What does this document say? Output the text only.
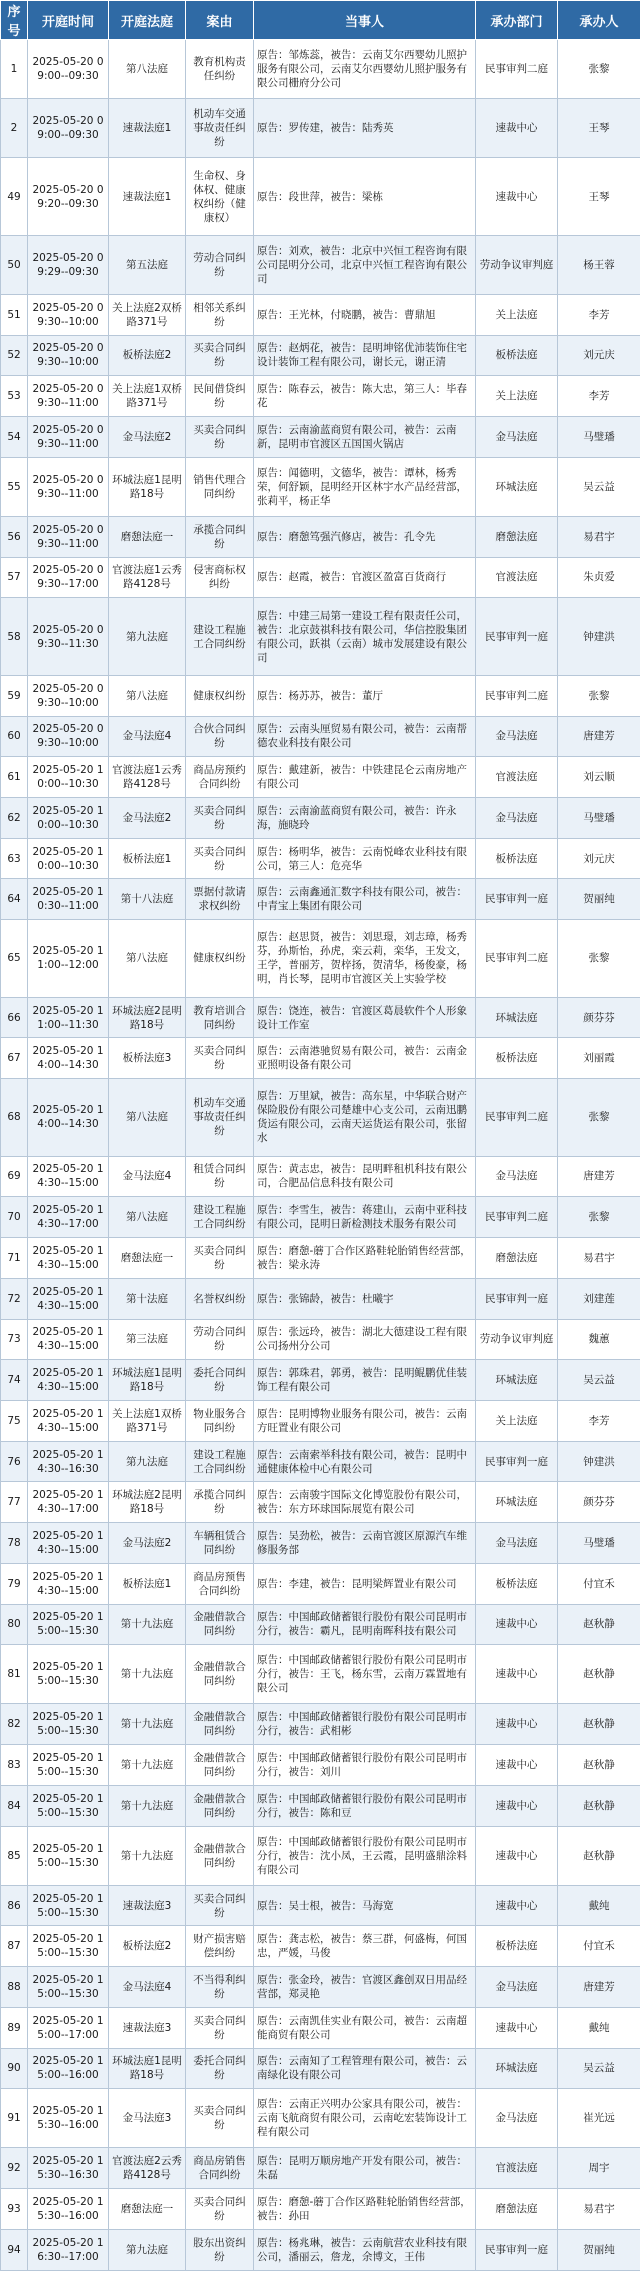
序号	开庭时间	开庭法庭	案由	当事人	承办部门	承办人
1	2025-05-20 09:00--09:30	第八法庭	教育机构责任纠纷	原告：邹炼蕊，被告：云南艾尔西婴幼儿照护服务有限公司，云南艾尔西婴幼儿照护服务有限公司栅府分公司	民事审判二庭	张黎
2	2025-05-20 09:00--09:30	速裁法庭1	机动车交通事故责任纠纷	原告：罗传建，被告：陆秀英	速裁中心	王琴
49	2025-05-20 09:20--09:30	速裁法庭1	生命权、身体权、健康权纠纷（健康权）	原告：段世萍，被告：梁栋	速裁中心	王琴
50	2025-05-20 09:29--09:30	第五法庭	劳动合同纠纷	原告：刘欢，被告：北京中兴恒工程咨询有限公司昆明分公司，北京中兴恒工程咨询有限公司	劳动争议审判庭	杨王蓉
51	2025-05-20 09:30--10:00	关上法庭2双桥路371号	相邻关系纠纷	原告：王光林，付晓鹏，被告：曹鼎旭	关上法庭	李芳
52	2025-05-20 09:30--10:00	板桥法庭2	买卖合同纠纷	原告：赵炳花，被告：昆明坤铭优沛装饰住宅设计装饰工程有限公司，谢长元，谢正清	板桥法庭	刘元庆
53	2025-05-20 09:30--11:00	关上法庭1双桥路371号	民间借贷纠纷	原告：陈春云，被告：陈大忠，第三人：毕春花	关上法庭	李芳
54	2025-05-20 09:30--11:00	金马法庭2	买卖合同纠纷	原告：云南渝蓝商贸有限公司，被告：云南新，昆明市官渡区五国国火锅店	金马法庭	马璧璠
55	2025-05-20 09:30--11:00	环城法庭1昆明路18号	销售代理合同纠纷	原告：闻德明，文德华，被告：谭林，杨秀荣，何舒颖，昆明经开区林宇水产品经营部，张莉平，杨正华	环城法庭	吴云益
56	2025-05-20 09:30--11:00	磨憩法庭一	承揽合同纠纷	原告：磨憩笃强汽修店，被告：孔令先	磨憩法庭	易君宇
57	2025-05-20 09:30--17:00	官渡法庭1云秀路4128号	侵害商标权纠纷	原告：赵霞，被告：官渡区盈富百货商行	官渡法庭	朱贞爱
58	2025-05-20 09:30--11:30	第九法庭	建设工程施工合同纠纷	原告：中建三局第一建设工程有限责任公司，被告：北京鼓祺科技有限公司，华信控股集团有限公司，跃祺（云南）城市发展建设有限公司	民事审判一庭	钟建洪
59	2025-05-20 09:30--10:00	第八法庭	健康权纠纷	原告：杨苏苏，被告：董厅	民事审判二庭	张黎
60	2025-05-20 09:30--10:00	金马法庭4	合伙合同纠纷	原告：云南头厘贸易有限公司，被告：云南帮德农业科技有限公司	金马法庭	唐建芳
61	2025-05-20 10:00--10:30	官渡法庭1云秀路4128号	商品房预约合同纠纷	原告：戴建新，被告：中铁建昆仑云南房地产有限公司	官渡法庭	刘云顺
62	2025-05-20 10:00--10:30	金马法庭2	买卖合同纠纷	原告：云南渝蓝商贸有限公司，被告：许永海，施晓玲	金马法庭	马璧璠
63	2025-05-20 10:00--10:30	板桥法庭1	买卖合同纠纷	原告：杨明华，被告：云南悦峰农业科技有限公司，第三人：危亮华	板桥法庭	刘元庆
64	2025-05-20 10:30--11:00	第十八法庭	票据付款请求权纠纷	原告：云南鑫通汇数字科技有限公司，被告：中青宝上集团有限公司	民事审判一庭	贺丽纯
65	2025-05-20 11:00--12:00	第八法庭	健康权纠纷	原告：赵思贤，被告：刘思璟，刘志璋，杨秀芬，孙斯怡，孙虎，栾云莉，栾华，王发文，王学，普丽芳，贺梓扬，贺清华，杨俊豪，杨明，肖长琴，昆明市官渡区关上实验学校	民事审判二庭	张黎
66	2025-05-20 11:00--11:30	环城法庭2昆明路18号	教育培训合同纠纷	原告：饶连，被告：官渡区葛晨软件个人形象设计工作室	环城法庭	颜芬芬
67	2025-05-20 14:00--14:30	板桥法庭3	买卖合同纠纷	原告：云南港驰贸易有限公司，被告：云南金亚照明设备有限公司	板桥法庭	刘丽霞
68	2025-05-20 14:00--14:30	第八法庭	机动车交通事故责任纠纷	原告：万里斌，被告：高东星，中华联合财产保险股份有限公司楚雄中心支公司，云南迅鹏货运有限公司，云南天运货运有限公司，张留水	民事审判二庭	张黎
69	2025-05-20 14:30--15:00	金马法庭4	租赁合同纠纷	原告：黄志忠，被告：昆明畔租机科技有限公司，合肥品信息科技有限公司	金马法庭	唐建芳
70	2025-05-20 14:30--17:00	第八法庭	建设工程施工合同纠纷	原告：李雪生，被告：蒋建山，云南中亚科技有限公司，昆明日新检测技术服务有限公司	民事审判二庭	张黎
71	2025-05-20 14:30--15:00	磨憩法庭一	买卖合同纠纷	原告：磨憩-蘑丁合作区路鞋轮胎销售经营部，被告：梁永涛	磨憩法庭	易君宇
72	2025-05-20 14:30--15:00	第十法庭	名誉权纠纷	原告：张锦龄，被告：杜曦宇	民事审判一庭	刘建莲
73	2025-05-20 14:30--15:00	第三法庭	劳动合同纠纷	原告：张远玲，被告：湖北大德建设工程有限公司扬州分公司	劳动争议审判庭	魏蕙
74	2025-05-20 14:30--15:00	环城法庭1昆明路18号	委托合同纠纷	原告：郭珠君，郭勇，被告：昆明鲲鹏优佳装饰工程有限公司	环城法庭	吴云益
75	2025-05-20 14:30--15:00	关上法庭1双桥路371号	物业服务合同纠纷	原告：昆明博物业服务有限公司，被告：云南方旺置业有限公司	关上法庭	李芳
76	2025-05-20 14:30--16:30	第九法庭	建设工程施工合同纠纷	原告：云南索举科技有限公司，被告：昆明中通健康体检中心有限公司	民事审判一庭	钟建洪
77	2025-05-20 14:30--17:00	环城法庭2昆明路18号	承揽合同纠纷	原告：云南骏宇国际文化博览股份有限公司，被告：东方环球国际展览有限公司	环城法庭	颜芬芬
78	2025-05-20 14:30--15:00	金马法庭2	车辆租赁合同纠纷	原告：吴劲松，被告：云南官渡区原源汽车维修服务部	金马法庭	马璧璠
79	2025-05-20 14:30--15:00	板桥法庭1	商品房预售合同纠纷	原告：李建，被告：昆明梁辉置业有限公司	板桥法庭	付宜禾
80	2025-05-20 15:00--15:30	第十九法庭	金融借款合同纠纷	原告：中国邮政储蓄银行股份有限公司昆明市分行，被告：霸凡，昆明南晖科技有限公司	速裁中心	赵秋静
81	2025-05-20 15:00--15:30	第十九法庭	金融借款合同纠纷	原告：中国邮政储蓄银行股份有限公司昆明市分行，被告：王飞，杨东雪，云南万霖置地有限公司	速裁中心	赵秋静
82	2025-05-20 15:00--15:30	第十九法庭	金融借款合同纠纷	原告：中国邮政储蓄银行股份有限公司昆明市分行，被告：武相彬	速裁中心	赵秋静
83	2025-05-20 15:00--15:30	第十九法庭	金融借款合同纠纷	原告：中国邮政储蓄银行股份有限公司昆明市分行，被告：刘川	速裁中心	赵秋静
84	2025-05-20 15:00--15:30	第十九法庭	金融借款合同纠纷	原告：中国邮政储蓄银行股份有限公司昆明市分行，被告：陈和豆	速裁中心	赵秋静
85	2025-05-20 15:00--15:30	第十九法庭	金融借款合同纠纷	原告：中国邮政储蓄银行股份有限公司昆明市分行，被告：沈小凤，王云霞，昆明盛鼎涂料有限公司	速裁中心	赵秋静
86	2025-05-20 15:00--15:30	速裁法庭3	买卖合同纠纷	原告：吴士根，被告：马海宽	速裁中心	戴纯
87	2025-05-20 15:00--15:30	板桥法庭2	财产损害赔偿纠纷	原告：龚志松，被告：蔡三群，何盛梅，何国忠，严媛，马俊	板桥法庭	付宜禾
88	2025-05-20 15:00--15:30	金马法庭4	不当得利纠纷	原告：张金玲，被告：官渡区鑫创双日用品经营部，郑灵艳	金马法庭	唐建芳
89	2025-05-20 15:00--17:00	速裁法庭3	买卖合同纠纷	原告：云南凯佳实业有限公司，被告：云南超能商贸有限公司	速裁中心	戴纯
90	2025-05-20 15:00--16:00	环城法庭1昆明路18号	委托合同纠纷	原告：云南知了工程管理有限公司，被告：云南绿化设有限公司	环城法庭	吴云益
91	2025-05-20 15:30--16:00	金马法庭3	买卖合同纠纷	原告：云南正兴明办公家具有限公司，被告：云南飞航商贸有限公司，云南屹宏装饰设计工程有限公司	金马法庭	崔光远
92	2025-05-20 15:30--16:30	官渡法庭2云秀路4128号	商品房销售合同纠纷	原告：昆明万顺房地产开发有限公司，被告：朱磊	官渡法庭	周宇
93	2025-05-20 15:30--16:00	磨憩法庭一	买卖合同纠纷	原告：磨憩-蘑丁合作区路鞋轮胎销售经营部，被告：孙田	磨憩法庭	易君宇
94	2025-05-20 16:30--17:00	第九法庭	股东出资纠纷	原告：杨兆琳，被告：云南航营农业科技有限公司，潘丽云，詹龙，余博文，王伟	民事审判一庭	贺丽纯
